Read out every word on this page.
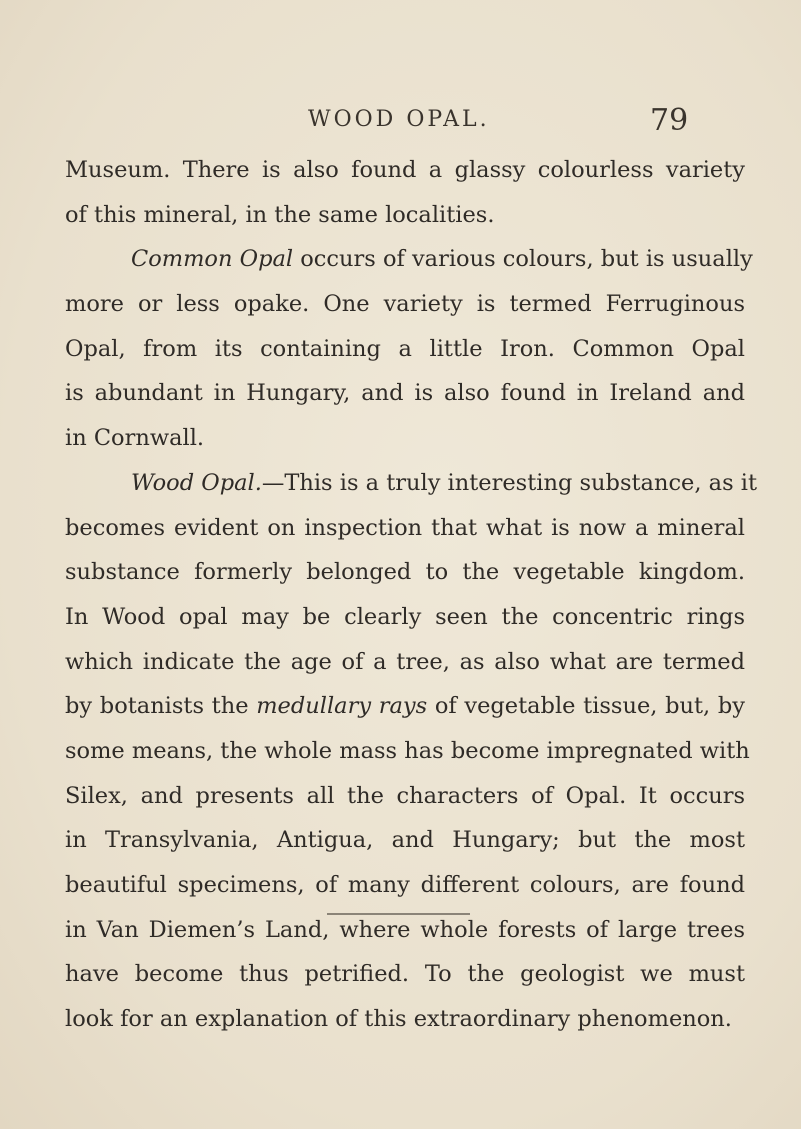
WOOD OPAL.	79
Museum. There is also found a glassy colourless variety
of this mineral, in the same localities.
Common Opal occurs of various colours, but is usually
more or less opake. One variety is termed Ferruginous
Opal, from its containing a little Iron. Common Opal
is abundant in Hungary, and is also found in Ireland and
in Cornwall.
Wood Opal.—This is a truly interesting substance, as it
becomes evident on inspection that what is now a mineral
substance formerly belonged to the vegetable kingdom.
In Wood opal may be clearly seen the concentric rings
which indicate the age of a tree, as also what are termed
by botanists the medullary rays of vegetable tissue, but, by
some means, the whole mass has become impregnated with
Silex, and presents all the characters of Opal. It occurs
in Transylvania, Antigua, and Hungary; but the most
beautiful specimens, of many different colours, are found
in Van Diemen’s Land, where whole forests of large trees
have become thus petrified. To the geologist we must
look for an explanation of this extraordinary phenomenon.
